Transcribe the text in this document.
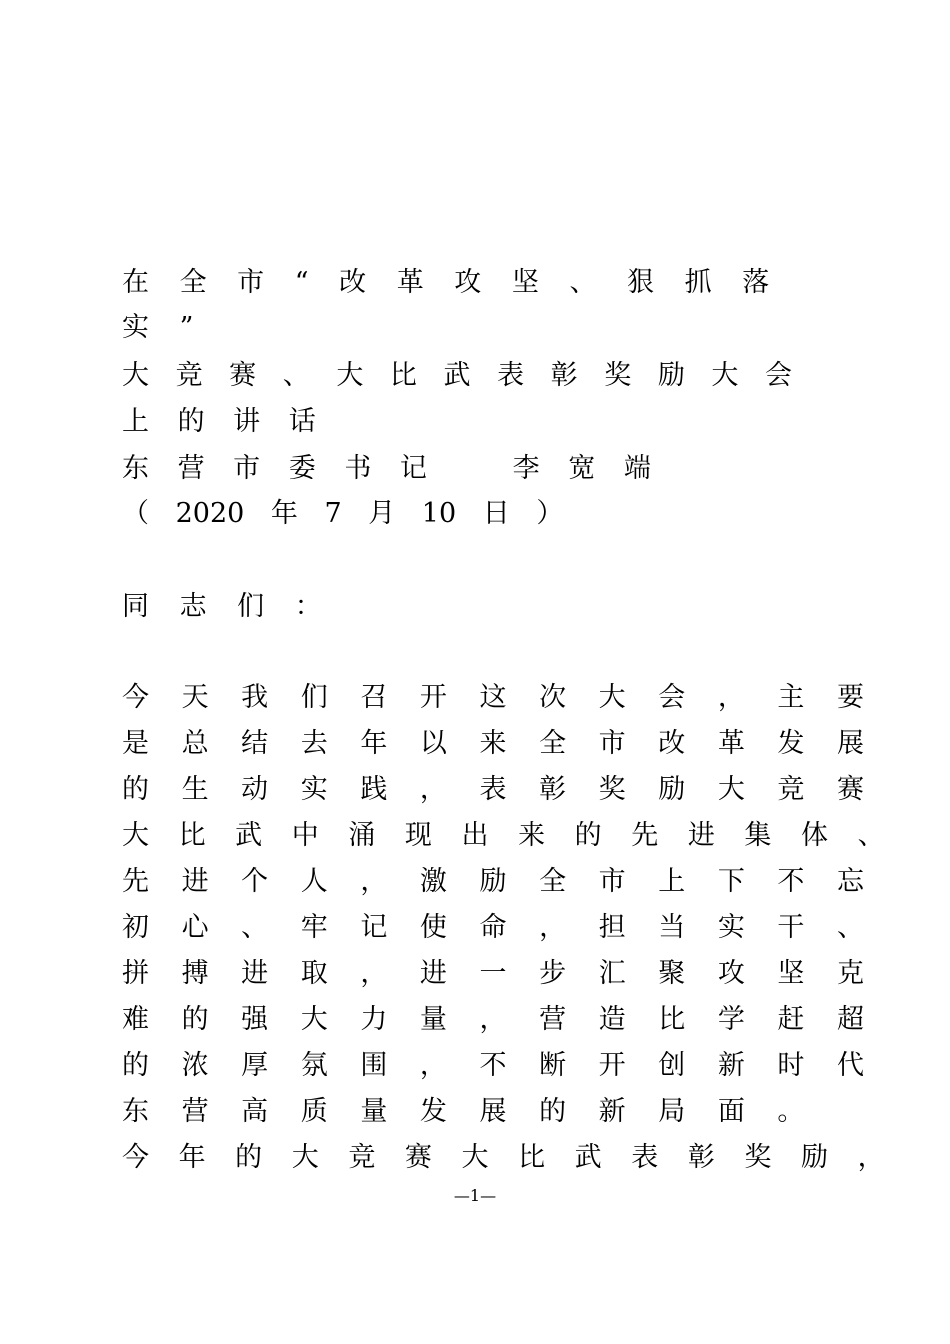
在 全 市 “ 改 革 攻 坚 、 狠 抓 落
实 ”
大 竞 赛 、 大 比 武 表 彰 奖 励 大 会
上 的 讲 话
东 营 市 委 书 记   李 宽 端
（ 2020 年 7 月 10 日 ）
同 志 们 ：
今 天 我 们 召 开 这 次 大 会 ， 主 要
是 总 结 去 年 以 来 全 市 改 革 发 展
的 生 动 实 践 ， 表 彰 奖 励 大 竞 赛
大 比 武 中 涌 现 出 来 的 先 进 集 体 、
先 进 个 人 ， 激 励 全 市 上 下 不 忘
初 心 、 牢 记 使 命 ， 担 当 实 干 、
拼 搏 进 取 ， 进 一 步 汇 聚 攻 坚 克
难 的 强 大 力 量 ， 营 造 比 学 赶 超
的 浓 厚 氛 围 ， 不 断 开 创 新 时 代
东 营 高 质 量 发 展 的 新 局 面 。
今 年 的 大 竞 赛 大 比 武 表 彰 奖 励 ，
—1—
